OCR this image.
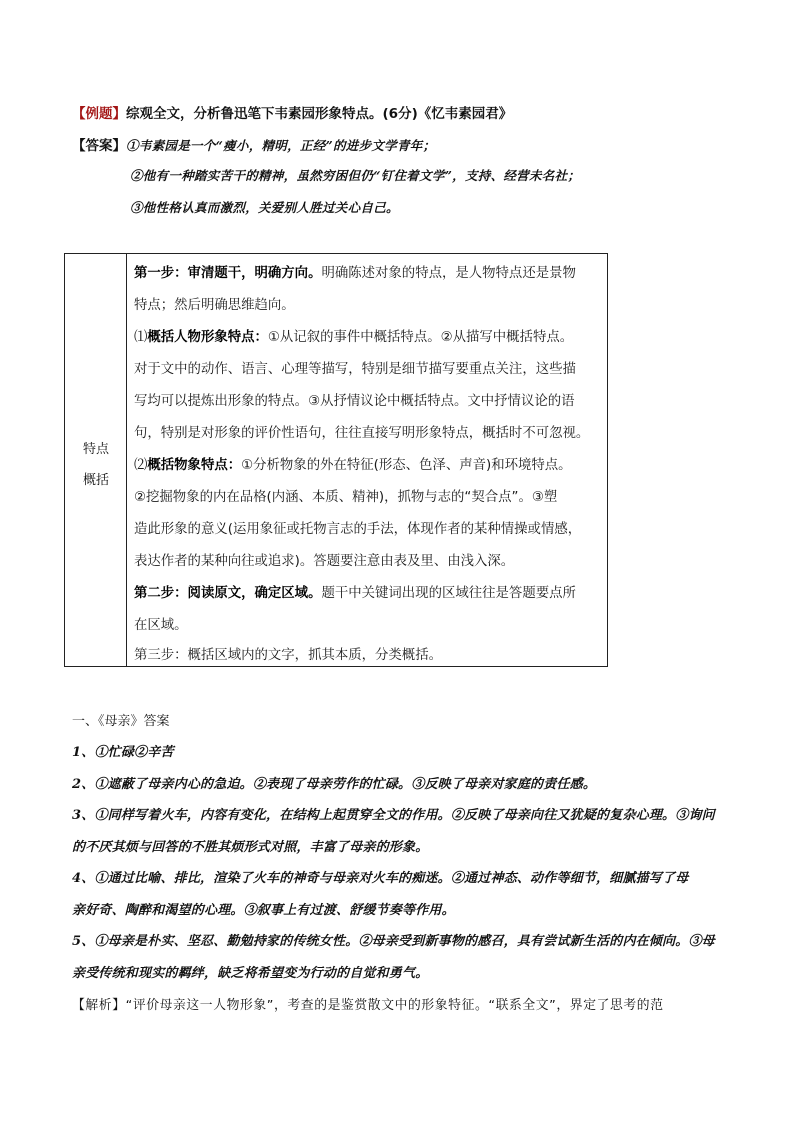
【例题】综观全文，分析鲁迅笔下韦素园形象特点。(6分)《忆韦素园君》
【答案】①韦素园是一个“瘦小，精明，正经”的进步文学青年；
②他有一种踏实苦干的精神，虽然穷困但仍“钉住着文学”，支持、经营未名社；
③他性格认真而激烈，关爱别人胜过关心自己。
特点
概括
第一步：审清题干，明确方向。明确陈述对象的特点，是人物特点还是景物
特点；然后明确思维趋向。
⑴概括人物形象特点：①从记叙的事件中概括特点。②从描写中概括特点。
对于文中的动作、语言、心理等描写，特别是细节描写要重点关注，这些描
写均可以提炼出形象的特点。③从抒情议论中概括特点。文中抒情议论的语
句，特别是对形象的评价性语句，往往直接写明形象特点，概括时不可忽视。
⑵概括物象特点：①分析物象的外在特征(形态、色泽、声音)和环境特点。
②挖掘物象的内在品格(内涵、本质、精神)，抓物与志的“契合点”。③塑
造此形象的意义(运用象征或托物言志的手法，体现作者的某种情操或情感，
表达作者的某种向往或追求)。答题要注意由表及里、由浅入深。
第二步：阅读原文，确定区域。题干中关键词出现的区域往往是答题要点所
在区域。
第三步：概括区域内的文字，抓其本质，分类概括。
一、《母亲》答案
1、①忙碌②辛苦
2、①遮蔽了母亲内心的急迫。②表现了母亲劳作的忙碌。③反映了母亲对家庭的责任感。
3、①同样写着火车，内容有变化，在结构上起贯穿全文的作用。②反映了母亲向往又犹疑的复杂心理。③询问
的不厌其烦与回答的不胜其烦形式对照，丰富了母亲的形象。
4、①通过比喻、排比，渲染了火车的神奇与母亲对火车的痴迷。②通过神态、动作等细节，细腻描写了母
亲好奇、陶醉和渴望的心理。③叙事上有过渡、舒缓节奏等作用。
5、①母亲是朴实、坚忍、勤勉持家的传统女性。②母亲受到新事物的感召，具有尝试新生活的内在倾向。③母
亲受传统和现实的羁绊，缺乏将希望变为行动的自觉和勇气。
【解析】“评价母亲这一人物形象”，考查的是鉴赏散文中的形象特征。“联系全文”，界定了思考的范
